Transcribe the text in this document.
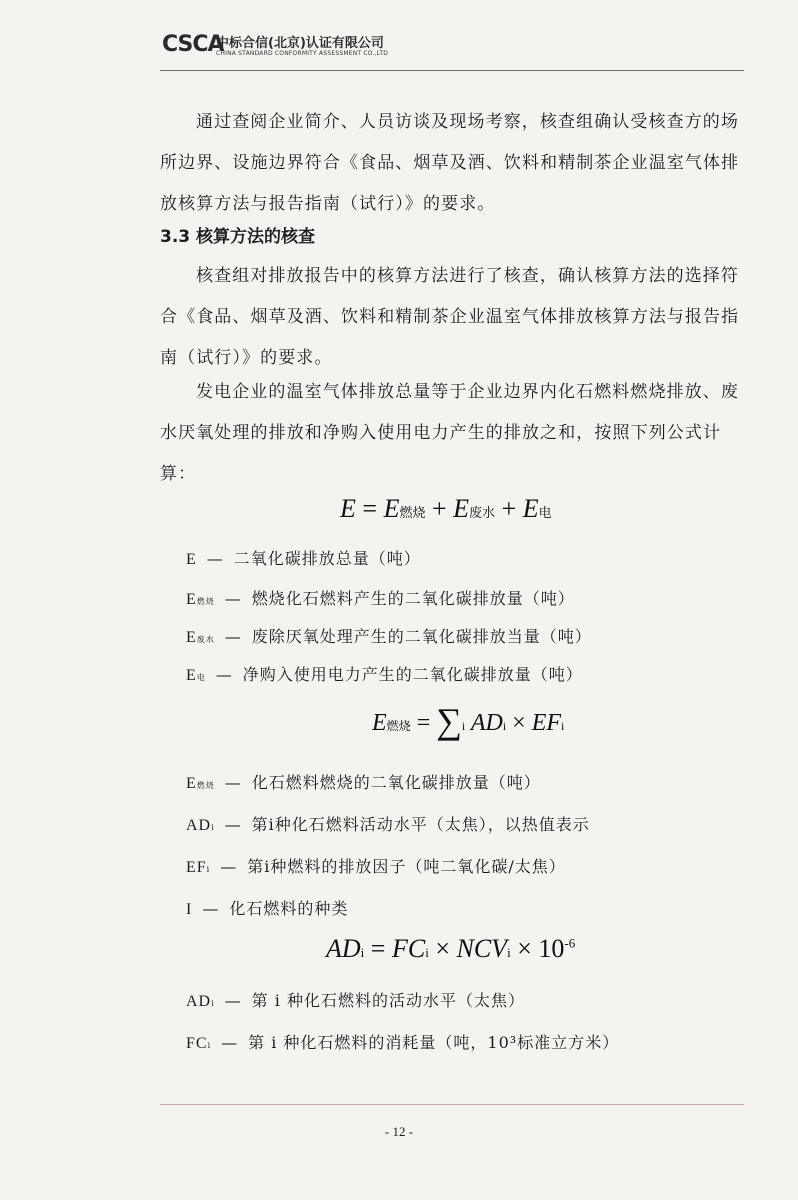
CSCA
中标合信(北京)认证有限公司
CHINA STANDARD CONFORMITY ASSESSMENT CO.,LTD

通过查阅企业简介、人员访谈及现场考察，核查组确认受核查方的场所边界、设施边界符合《食品、烟草及酒、饮料和精制茶企业温室气体排放核算方法与报告指南（试行）》的要求。

3.3 核算方法的核查

核查组对排放报告中的核算方法进行了核查，确认核算方法的选择符合《食品、烟草及酒、饮料和精制茶企业温室气体排放核算方法与报告指南（试行）》的要求。

发电企业的温室气体排放总量等于企业边界内化石燃料燃烧排放、废水厌氧处理的排放和净购入使用电力产生的排放之和，按照下列公式计算：

E = E燃烧 + E废水 + E电
E — 二氧化碳排放总量（吨）
E燃烧 — 燃烧化石燃料产生的二氧化碳排放量（吨）
E废水 — 废除厌氧处理产生的二氧化碳排放当量（吨）
E电 — 净购入使用电力产生的二氧化碳排放量（吨）
E燃烧 = ∑i ADi × EFi
E燃烧 — 化石燃料燃烧的二氧化碳排放量（吨）
ADi — 第i种化石燃料活动水平（太焦），以热值表示
EFi — 第i种燃料的排放因子（吨二氧化碳/太焦）
I — 化石燃料的种类
ADi = FCi × NCVi × $10^{-6}$
ADi — 第 i 种化石燃料的活动水平（太焦）
FCi — 第 i 种化石燃料的消耗量（吨，10³标准立方米）
- 12 -
